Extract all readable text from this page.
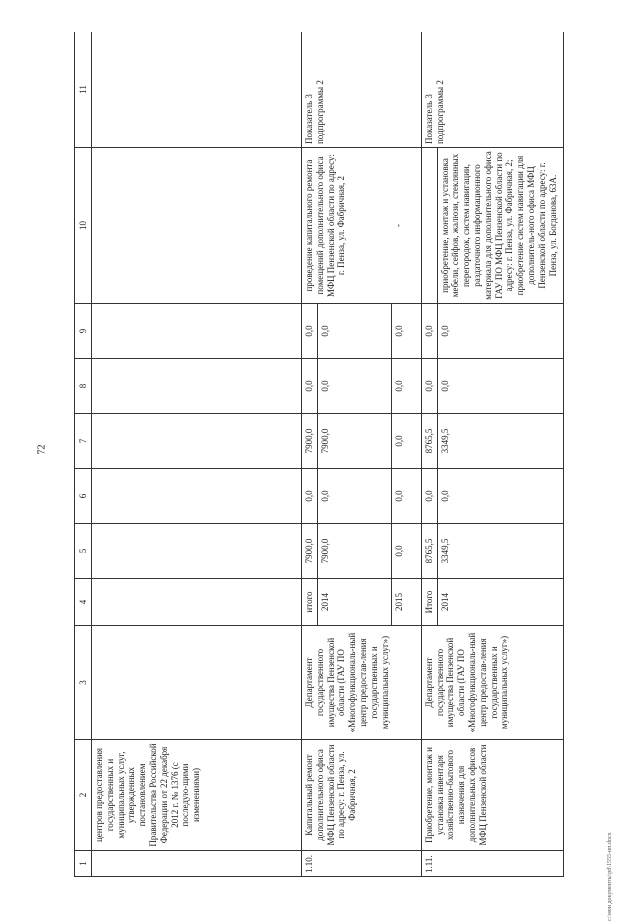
72
1	2	3	4	5	6	7	8	9	10	11
	центров предоставления государственных и муниципальных услуг, утвержденных постановлением Правительства Российской Федерации от 22 декабря 2012 г. № 1376 (с последую-щими изменениями)									
1.10.	Капитальный ремонт дополнительного офиса МФЦ Пензенской области по адресу: г. Пенза, ул. Фабричная, 2	Департамент государственного имущества Пензенской области (ГАУ ПО «Многофункциональ-ный центр предостав-ления государственных и муниципальных услуг»)	итого	7900,0	0,0	7900,0	0,0	0,0	проведение капитального ремонта помещений дополнительного офиса МФЦ Пензенской области по адресу: г. Пенза, ул. Фабричная, 2	Показатель 3 подпрограммы 2
			2014	7900,0	0,0	7900,0	0,0	0,0		
			2015	0,0	0,0	0,0	0,0	0,0	-	
1.11.	Приобретение, монтаж и установка инвентаря хозяйственно-бытового назначения для дополнительных офисов МФЦ Пензенской области	Департамент государственного имущества Пензенской области (ГАУ ПО «Многофункциональ-ный центр предостав-ления государственных и муниципальных услуг»)	Итого	8765,5	0,0	8765,5	0,0	0,0		Показатель 3 подпрограммы 2
			2014	3349,5	0,0	3349,5	0,0	0,0	приобретение, монтаж и установка мебели, сейфов, жалюзи, стеклянных перегородок, систем навигации, раздаточного информационного материала для дополнительного офиса ГАУ ПО МФЦ Пензенской области по адресу: г. Пенза, ул. Фабричная, 2; приобретение систем навигации для дополнитель-ного офиса МФЦ Пензенской области по адресу: г. Пенза, ул. Богданова, 63А.	
c:\мои документы\pd\1555-нп.docx
